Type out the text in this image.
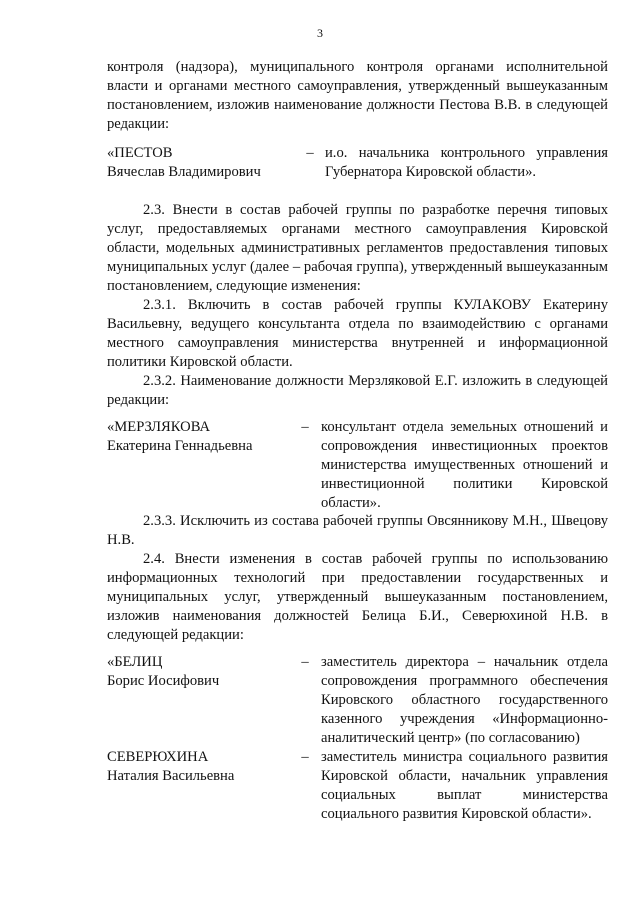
3

контроля (надзора), муниципального контроля органами исполнительной власти и органами местного самоуправления, утвержденный вышеуказанным постановлением, изложив наименование должности Пестова В.В. в следующей редакции:

«ПЕСТОВ
Вячеслав Владимирович
– и.о. начальника контрольного управления Губернатора Кировской области».

2.3. Внести в состав рабочей группы по разработке перечня типовых услуг, предоставляемых органами местного самоуправления Кировской области, модельных административных регламентов предоставления типовых муниципальных услуг (далее – рабочая группа), утвержденный вышеуказанным постановлением, следующие изменения:

2.3.1. Включить в состав рабочей группы КУЛАКОВУ Екатерину Васильевну, ведущего консультанта отдела по взаимодействию с органами местного самоуправления министерства внутренней и информационной политики Кировской области.

2.3.2. Наименование должности Мерзляковой Е.Г. изложить в следующей редакции:

«МЕРЗЛЯКОВА
Екатерина Геннадьевна
– консультант отдела земельных отношений и сопровождения инвестиционных проектов министерства имущественных отношений и инвестиционной политики Кировской области».

2.3.3. Исключить из состава рабочей группы Овсянникову М.Н., Швецову Н.В.

2.4. Внести изменения в состав рабочей группы по использованию информационных технологий при предоставлении государственных и муниципальных услуг, утвержденный вышеуказанным постановлением, изложив наименования должностей Белица Б.И., Северюхиной Н.В. в следующей редакции:

«БЕЛИЦ
Борис Иосифович
– заместитель директора – начальник отдела сопровождения программного обеспечения Кировского областного государственного казенного учреждения «Информационно-аналитический центр» (по согласованию)
СЕВЕРЮХИНА
Наталия Васильевна
– заместитель министра социального развития Кировской области, начальник управления социальных выплат министерства социального развития Кировской области».
